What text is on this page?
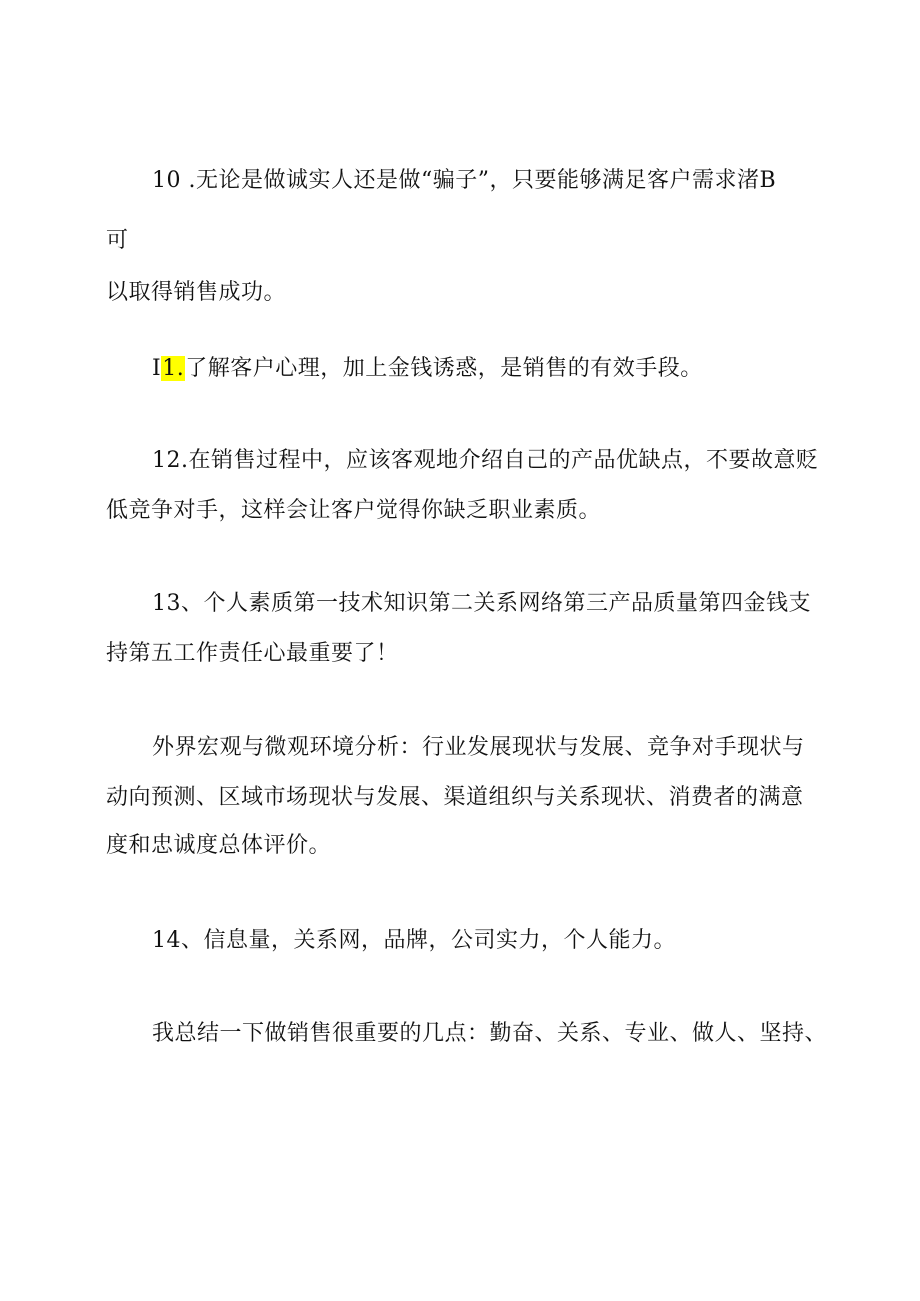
10 .无论是做诚实人还是做“骗子”，只要能够满足客户需求渚B
可
以取得销售成功。
I1.了解客户心理，加上金钱诱惑，是销售的有效手段。
12.在销售过程中，应该客观地介绍自己的产品优缺点，不要故意贬
低竞争对手，这样会让客户觉得你缺乏职业素质。
13、个人素质第一技术知识第二关系网络第三产品质量第四金钱支
持第五工作责任心最重要了！
外界宏观与微观环境分析：行业发展现状与发展、竞争对手现状与
动向预测、区域市场现状与发展、渠道组织与关系现状、消费者的满意
度和忠诚度总体评价。
14、信息量，关系网，品牌，公司实力，个人能力。
我总结一下做销售很重要的几点：勤奋、关系、专业、做人、坚持、
